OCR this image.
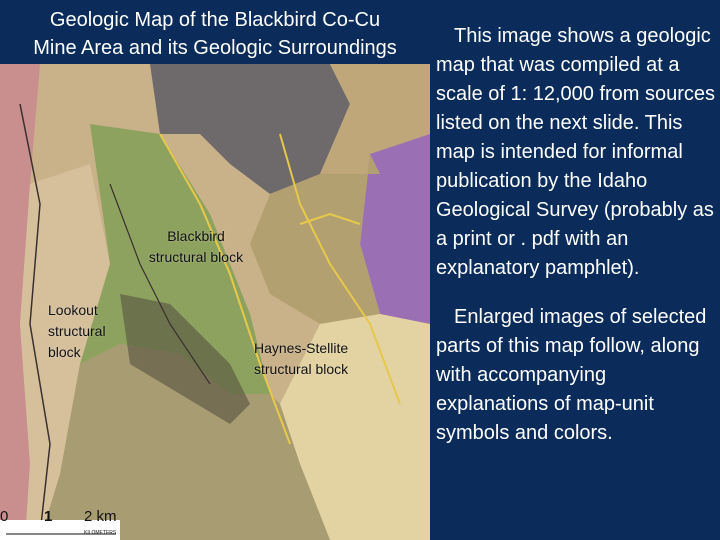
Geologic Map of the Blackbird Co-Cu
Mine Area and its Geologic Surroundings
Blackbird
structural block
Lookout
structural
block	Haynes-Stellite
structural block
0 1 2 km
KILOMETERS

This image shows a geologic map that was compiled at a scale of 1: 12,000 from sources listed on the next slide. This map is intended for informal publication by the Idaho Geological Survey (probably as a print or . pdf with an explanatory pamphlet).

Enlarged images of selected parts of this map follow, along with accompanying explanations of map-unit symbols and colors.
